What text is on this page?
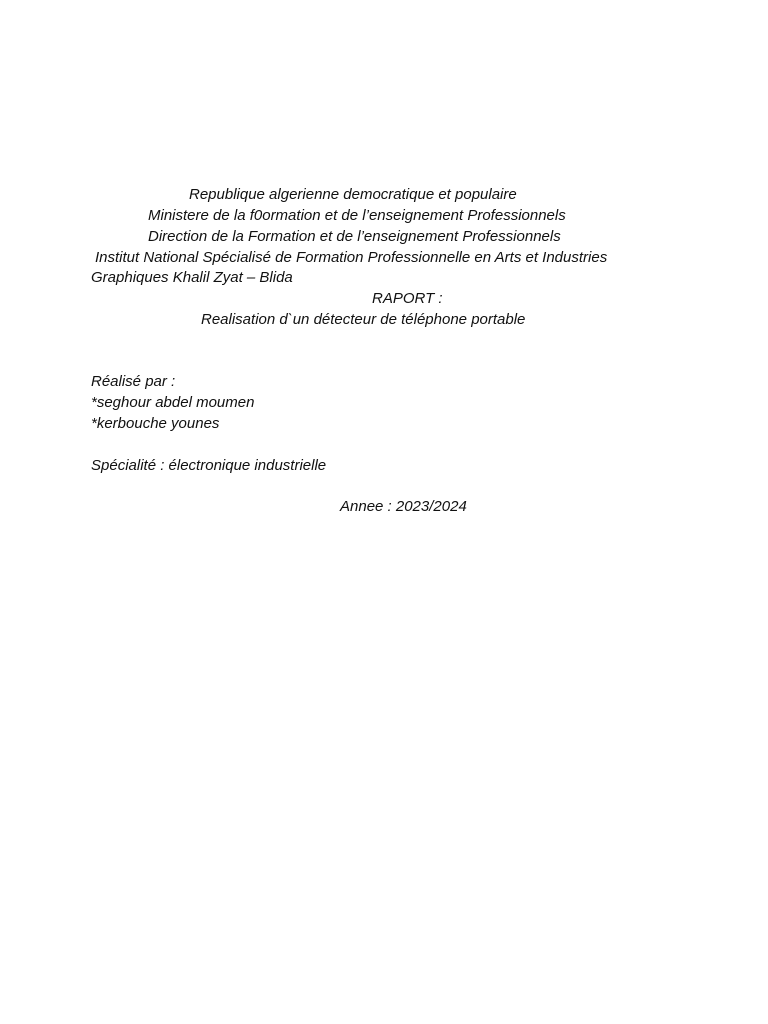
Republique algerienne democratique et populaire
Ministere de la f0ormation et de l’enseignement Professionnels
Direction de la Formation et de l’enseignement Professionnels
Institut National Spécialisé de Formation Professionnelle en Arts et Industries
Graphiques Khalil Zyat – Blida
RAPORT :
Realisation d`un détecteur de téléphone portable
Réalisé par :
*seghour abdel moumen
*kerbouche younes
Spécialité : électronique industrielle
Annee : 2023/2024
